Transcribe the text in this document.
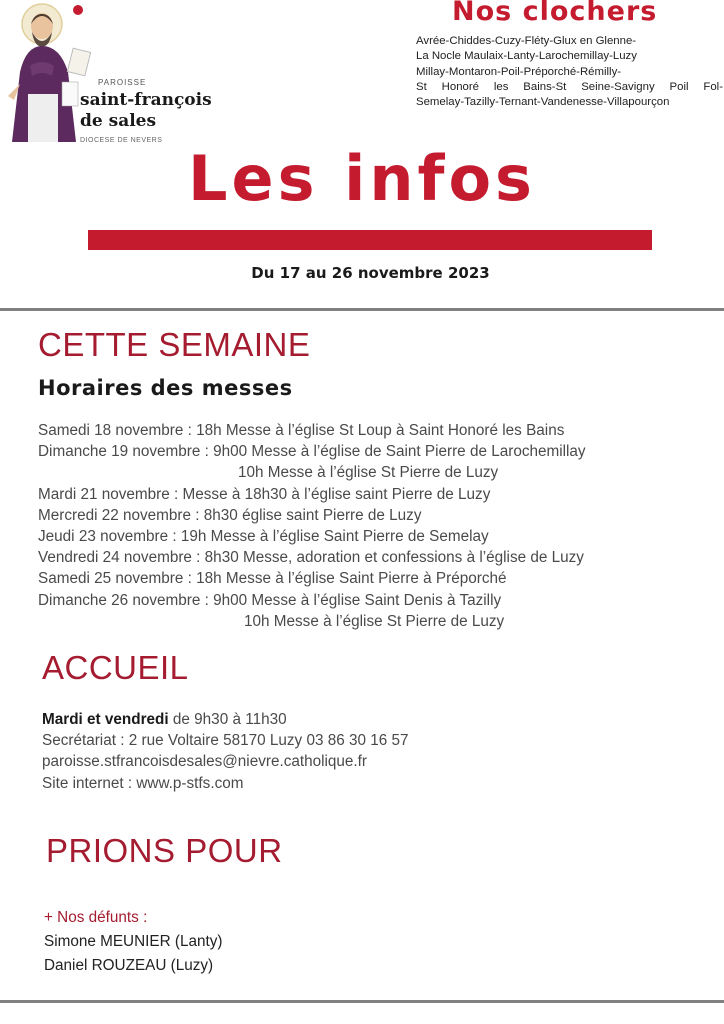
PAROISSE
saint-françois
de sales
DIOCESE DE NEVERS
Nos clochers
Avrée-Chiddes-Cuzy-Fléty-Glux en Glenne-
La Nocle Maulaix-Lanty-Larochemillay-Luzy
Millay-Montaron-Poil-Préporché-Rémilly-
St Honoré les Bains-St Seine-Savigny Poil Fol-
Semelay-Tazilly-Ternant-Vandenesse-Villapourçon
Les infos
Du 17 au 26 novembre 2023
CETTE SEMAINE
Horaires des messes
Samedi 18 novembre : 18h Messe à l’église St Loup à Saint Honoré les Bains
Dimanche 19 novembre : 9h00 Messe à l’église de Saint Pierre de Larochemillay
10h Messe à l’église St Pierre de Luzy
Mardi 21 novembre : Messe à 18h30 à l’église saint Pierre de Luzy
Mercredi 22 novembre : 8h30 église saint Pierre de Luzy
Jeudi 23 novembre : 19h Messe à l’église Saint Pierre de Semelay
Vendredi 24 novembre : 8h30 Messe, adoration et confessions à l’église de Luzy
Samedi 25 novembre : 18h Messe à l’église Saint Pierre à Préporché
Dimanche 26 novembre : 9h00 Messe à l’église Saint Denis à Tazilly
10h Messe à l’église St Pierre de Luzy
ACCUEIL
Mardi et vendredi de 9h30 à 11h30
Secrétariat : 2 rue Voltaire 58170 Luzy 03 86 30 16 57
paroisse.stfrancoisdesales@nievre.catholique.fr
Site internet : www.p-stfs.com
PRIONS POUR
+ Nos défunts :
Simone MEUNIER (Lanty)
Daniel ROUZEAU (Luzy)
